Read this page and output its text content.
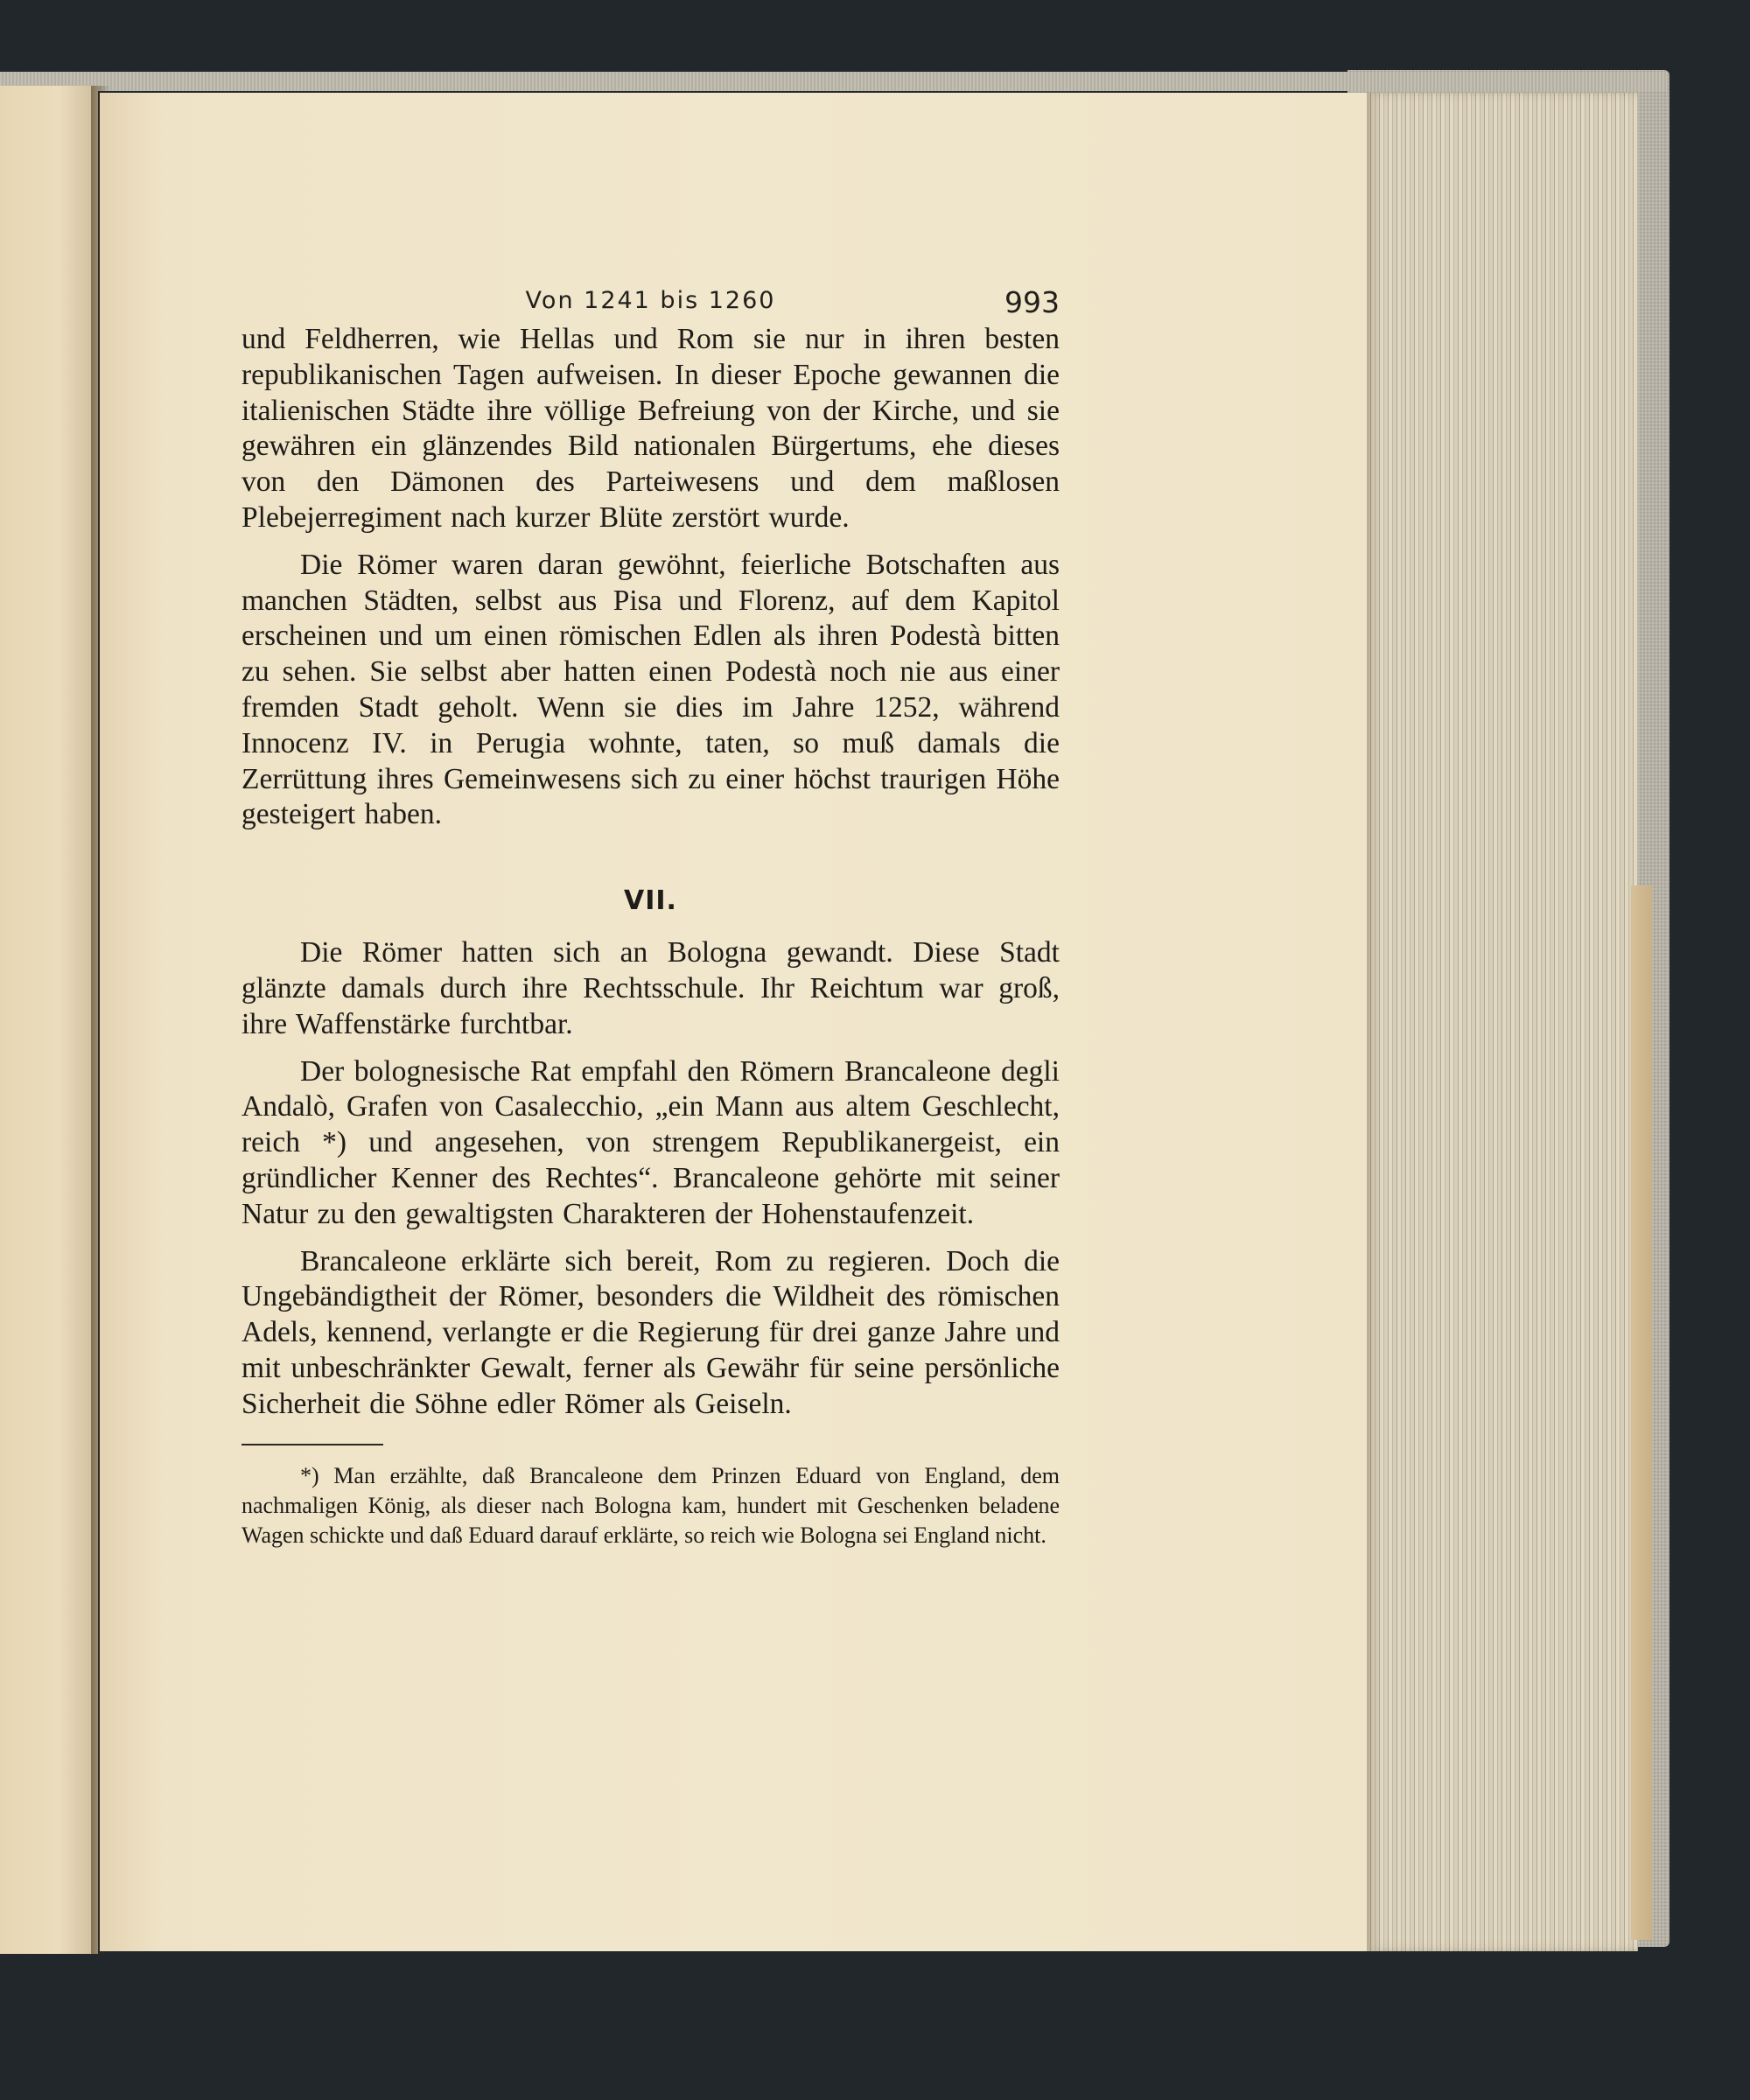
Von 1241 bis 1260	993

und Feldherren, wie Hellas und Rom sie nur in ihren besten republikanischen Tagen aufweisen. In dieser Epoche gewannen die italienischen Städte ihre völlige Befreiung von der Kirche, und sie gewähren ein glänzendes Bild nationalen Bürgertums, ehe dieses von den Dämonen des Parteiwesens und dem maßlosen Plebejerregiment nach kurzer Blüte zerstört wurde.

Die Römer waren daran gewöhnt, feierliche Botschaften aus manchen Städten, selbst aus Pisa und Florenz, auf dem Kapitol erscheinen und um einen römischen Edlen als ihren Podestà bitten zu sehen. Sie selbst aber hatten einen Podestà noch nie aus einer fremden Stadt geholt. Wenn sie dies im Jahre 1252, während Innocenz IV. in Perugia wohnte, taten, so muß damals die Zerrüttung ihres Gemeinwesens sich zu einer höchst traurigen Höhe gesteigert haben.

VII.

Die Römer hatten sich an Bologna gewandt. Diese Stadt glänzte damals durch ihre Rechtsschule. Ihr Reichtum war groß, ihre Waffenstärke furchtbar.

Der bolognesische Rat empfahl den Römern Brancaleone degli Andalò, Grafen von Casalecchio, „ein Mann aus altem Geschlecht, reich *) und angesehen, von strengem Republikanergeist, ein gründlicher Kenner des Rechtes“. Brancaleone gehörte mit seiner Natur zu den gewaltigsten Charakteren der Hohenstaufenzeit.

Brancaleone erklärte sich bereit, Rom zu regieren. Doch die Ungebändigtheit der Römer, besonders die Wildheit des römischen Adels, kennend, verlangte er die Regierung für drei ganze Jahre und mit unbeschränkter Gewalt, ferner als Gewähr für seine persönliche Sicherheit die Söhne edler Römer als Geiseln.

*) Man erzählte, daß Brancaleone dem Prinzen Eduard von England, dem nachmaligen König, als dieser nach Bologna kam, hundert mit Geschenken beladene Wagen schickte und daß Eduard darauf erklärte, so reich wie Bologna sei England nicht.
